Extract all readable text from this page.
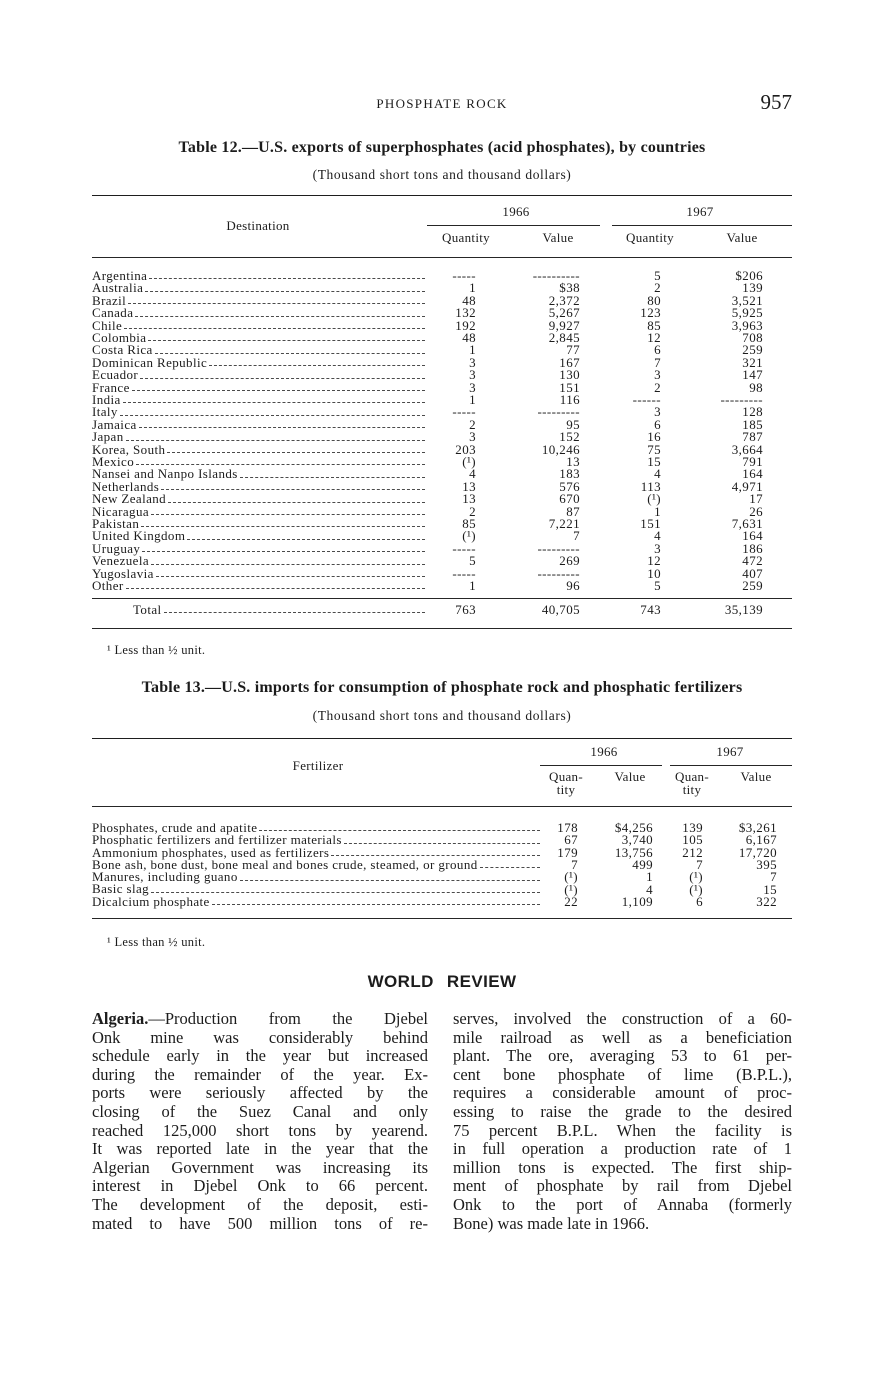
PHOSPHATE ROCK	957
Table 12.—U.S. exports of superphosphates (acid phosphates), by countries
(Thousand short tons and thousand dollars)
Destination
1966	1967
Quantity	Value	Quantity	Value
Argentina	-----	----------	5	$206
Australia	1	$38	2	139
Brazil	48	2,372	80	3,521
Canada	132	5,267	123	5,925
Chile	192	9,927	85	3,963
Colombia	48	2,845	12	708
Costa Rica	1	77	6	259
Dominican Republic	3	167	7	321
Ecuador	3	130	3	147
France	3	151	2	98
India	1	116	------	---------
Italy	-----	---------	3	128
Jamaica	2	95	6	185
Japan	3	152	16	787
Korea, South	203	10,246	75	3,664
Mexico	(¹)	13	15	791
Nansei and Nanpo Islands	4	183	4	164
Netherlands	13	576	113	4,971
New Zealand	13	670	(¹)	17
Nicaragua	2	87	1	26
Pakistan	85	7,221	151	7,631
United Kingdom	(¹)	7	4	164
Uruguay	-----	---------	3	186
Venezuela	5	269	12	472
Yugoslavia	-----	---------	10	407
Other	1	96	5	259
Total	763	40,705	743	35,139
¹ Less than ½ unit.
Table 13.—U.S. imports for consumption of phosphate rock and phosphatic fertilizers
(Thousand short tons and thousand dollars)
Fertilizer
1966	1967
Quan-
tity
Value	Quan-
tity
Value
Phosphates, crude and apatite	178	$4,256	139	$3,261
Phosphatic fertilizers and fertilizer materials	67	3,740	105	6,167
Ammonium phosphates, used as fertilizers	179	13,756	212	17,720
Bone ash, bone dust, bone meal and bones crude, steamed, or ground	7	499	7	395
Manures, including guano	(¹)	1	(¹)	7
Basic slag	(¹)	4	(¹)	15
Dicalcium phosphate	22	1,109	6	322
¹ Less than ½ unit.
WORLD REVIEW
Algeria.—Production from the Djebel
Onk mine was considerably behind
schedule early in the year but increased
during the remainder of the year. Ex-
ports were seriously affected by the
closing of the Suez Canal and only
reached 125,000 short tons by yearend.
It was reported late in the year that the
Algerian Government was increasing its
interest in Djebel Onk to 66 percent.
The development of the deposit, esti-
mated to have 500 million tons of re-
serves, involved the construction of a 60-
mile railroad as well as a beneficiation
plant. The ore, averaging 53 to 61 per-
cent bone phosphate of lime (B.P.L.),
requires a considerable amount of proc-
essing to raise the grade to the desired
75 percent B.P.L. When the facility is
in full operation a production rate of 1
million tons is expected. The first ship-
ment of phosphate by rail from Djebel
Onk to the port of Annaba (formerly
Bone) was made late in 1966.
